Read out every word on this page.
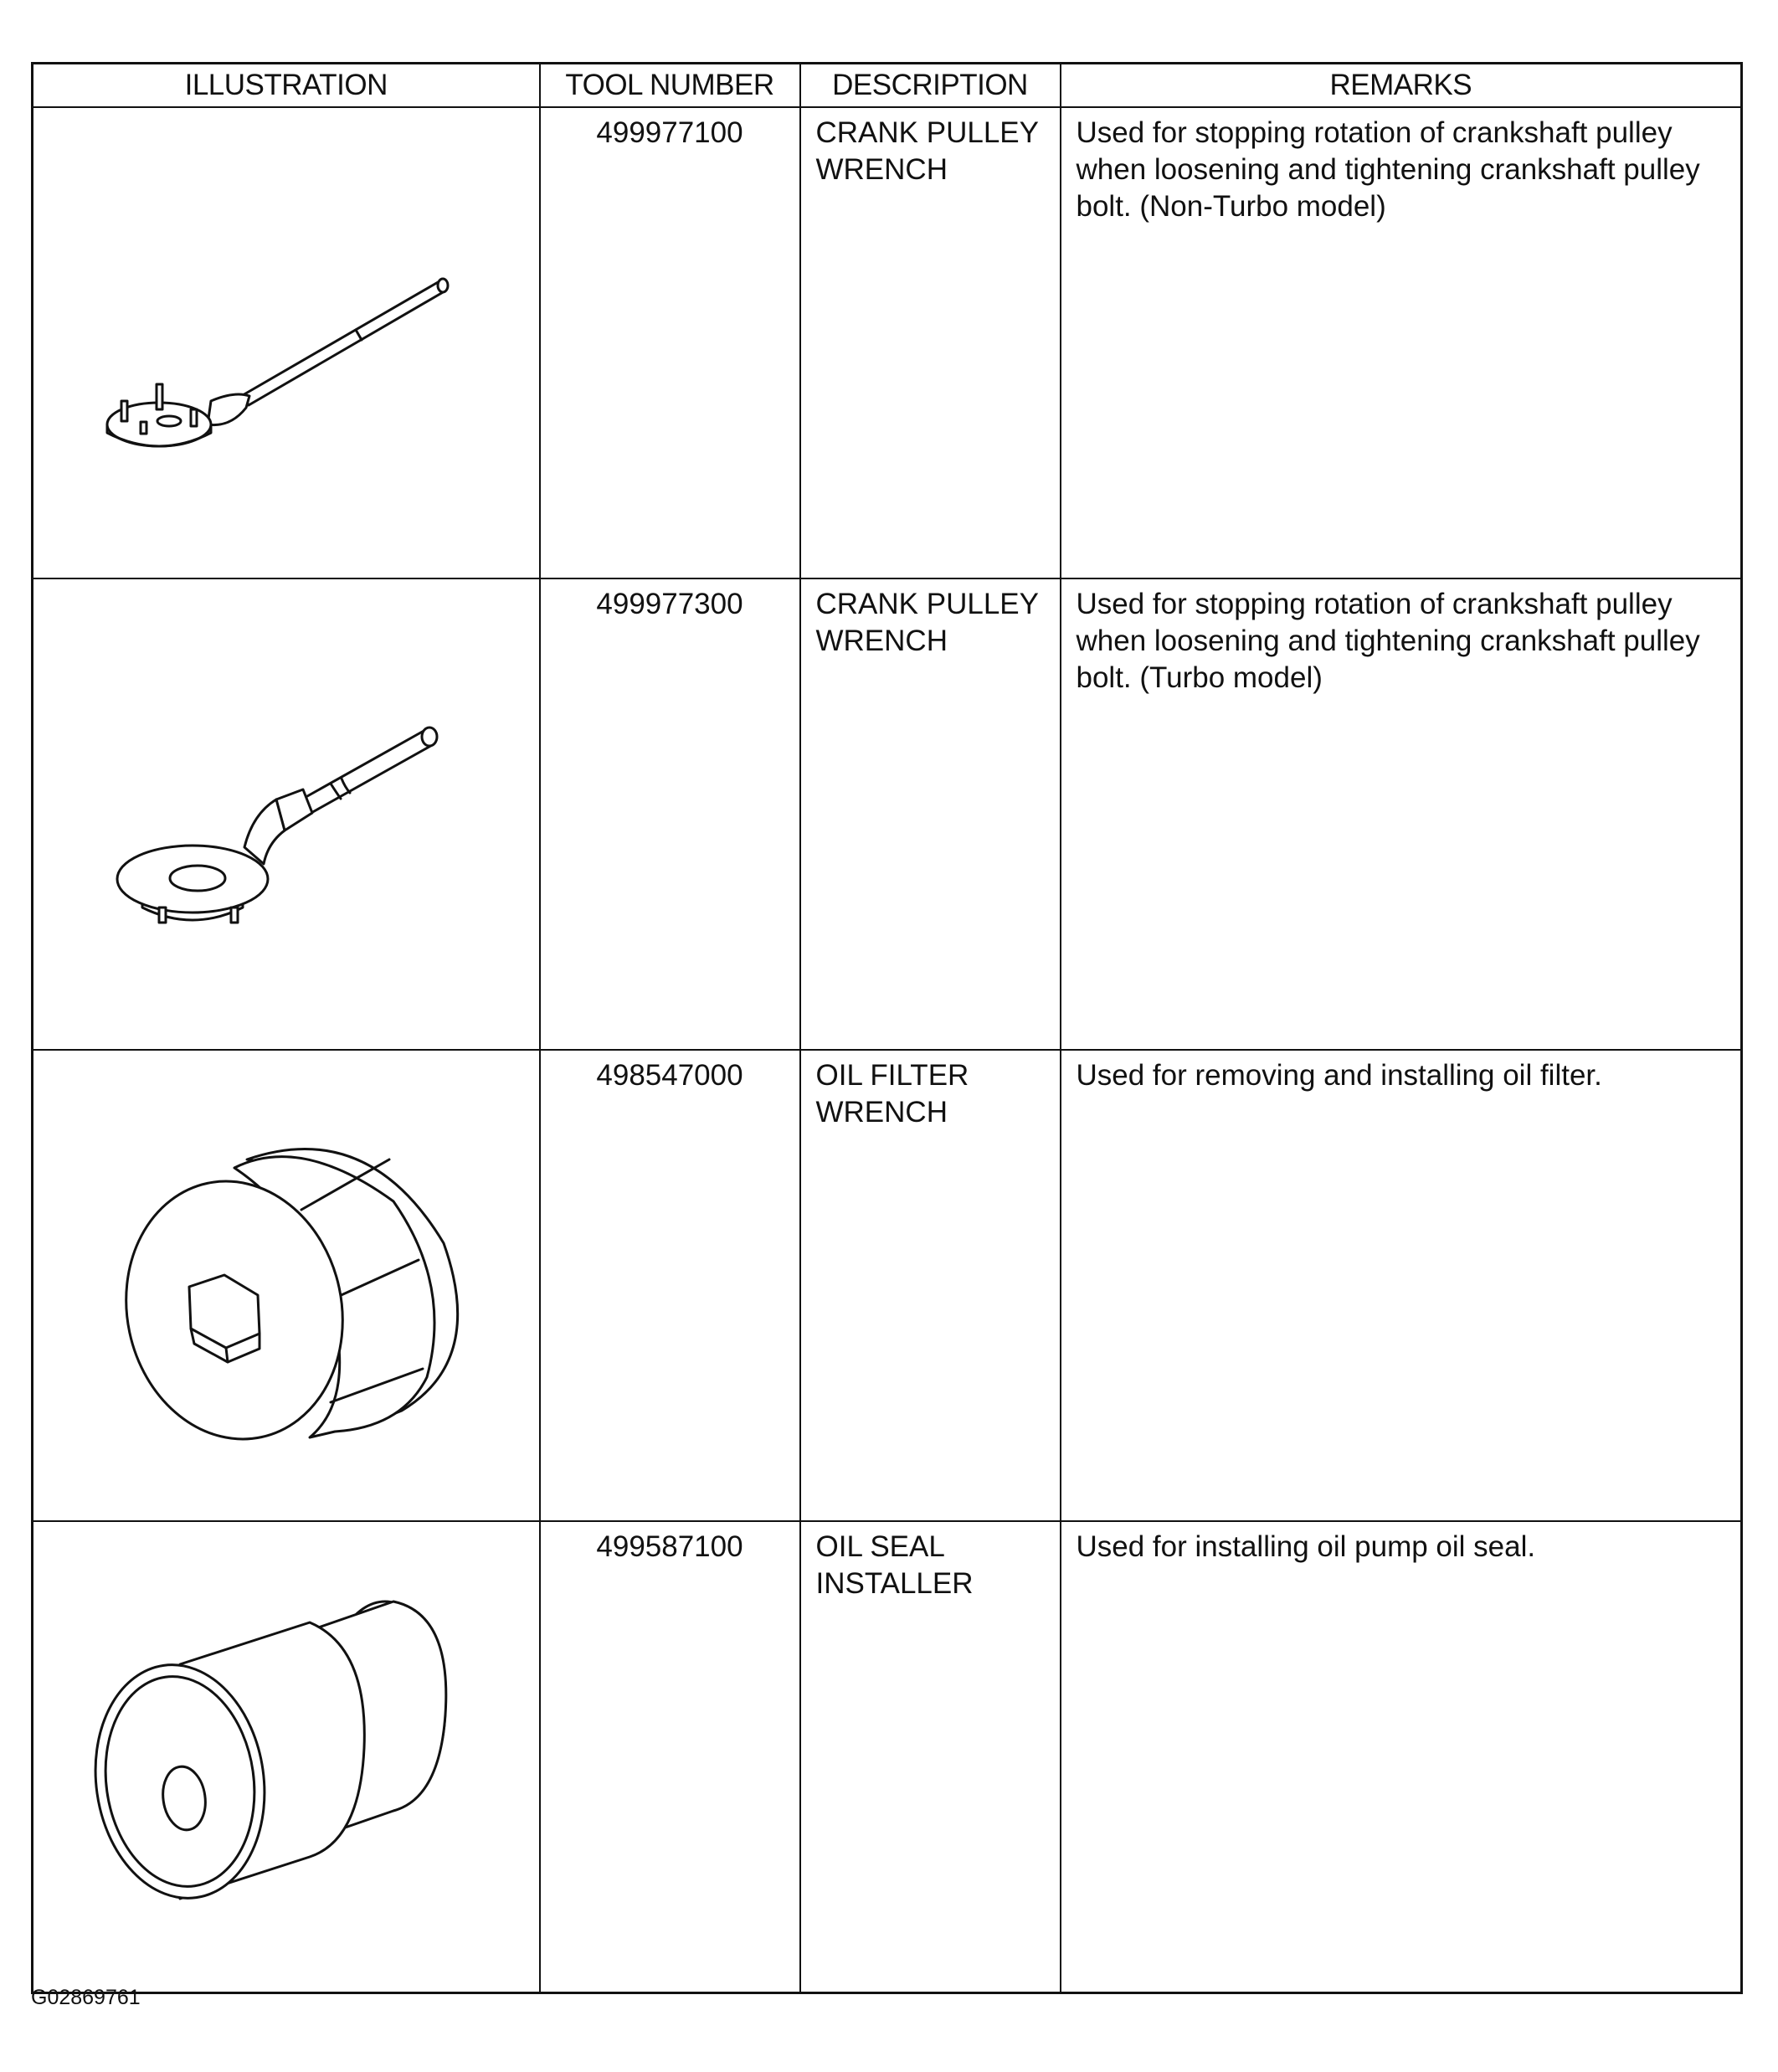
ILLUSTRATION	TOOL NUMBER	DESCRIPTION	REMARKS

	499977100	CRANK PULLEY WRENCH	Used for stopping rotation of crankshaft pulley when loosening and tightening crankshaft pulley bolt. (Non-Turbo model)

	499977300	CRANK PULLEY WRENCH	Used for stopping rotation of crankshaft pulley when loosening and tightening crankshaft pulley bolt. (Turbo model)

	498547000	OIL FILTER WRENCH	Used for removing and installing oil filter.

	499587100	OIL SEAL INSTALLER	Used for installing oil pump oil seal.
G02869761
